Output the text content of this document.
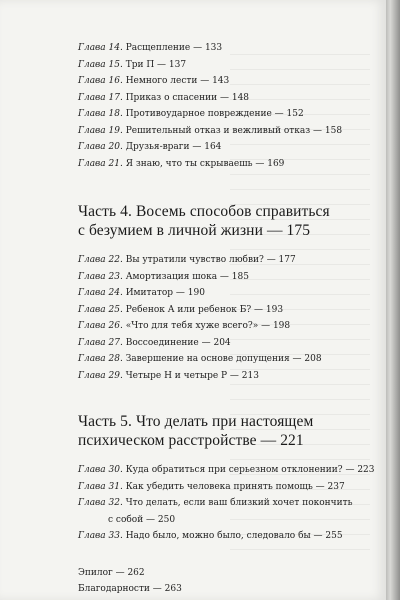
Глава 14. Расщепление — 133
Глава 15. Три П — 137
Глава 16. Немного лести — 143
Глава 17. Приказ о спасении — 148
Глава 18. Противоударное повреждение — 152
Глава 19. Решительный отказ и вежливый отказ — 158
Глава 20. Друзья-враги — 164
Глава 21. Я знаю, что ты скрываешь — 169
Часть 4. Восемь способов справиться
с безумием в личной жизни — 175
Глава 22. Вы утратили чувство любви? — 177
Глава 23. Амортизация шока — 185
Глава 24. Имитатор — 190
Глава 25. Ребенок А или ребенок Б? — 193
Глава 26. «Что для тебя хуже всего?» — 198
Глава 27. Воссоединение — 204
Глава 28. Завершение на основе допущения — 208
Глава 29. Четыре Н и четыре Р — 213
Часть 5. Что делать при настоящем
психическом расстройстве — 221
Глава 30. Куда обратиться при серьезном отклонении? — 223
Глава 31. Как убедить человека принять помощь — 237
Глава 32. Что делать, если ваш близкий хочет покончить
с собой — 250
Глава 33. Надо было, можно было, следовало бы — 255
Эпилог — 262
Благодарности — 263
